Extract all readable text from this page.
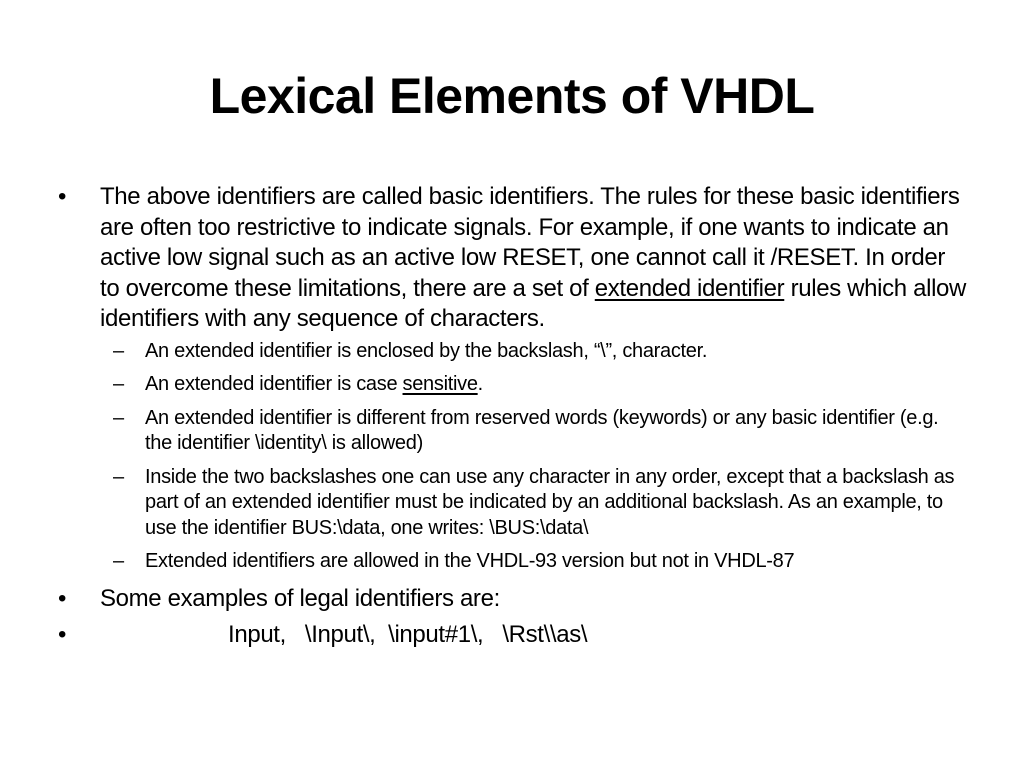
Lexical Elements of VHDL
•	The above identifiers are called basic identifiers. The rules for these basic identifiers are often too restrictive to indicate signals. For example, if one wants to indicate an active low signal such as an active low RESET, one cannot call it /RESET. In order to overcome these limitations, there are a set of extended identifier rules which allow identifiers with any sequence of characters.
– An extended identifier is enclosed by the backslash, “\”, character.
– An extended identifier is case sensitive.
– An extended identifier is different from reserved words (keywords) or any basic identifier (e.g. the identifier \identity\ is allowed)
– Inside the two backslashes one can use any character in any order, except that a backslash as part of an extended identifier must be indicated by an additional backslash. As an example, to use the identifier BUS:\data, one writes: \BUS:\data\
– Extended identifiers are allowed in the VHDL-93 version but not in VHDL-87
•	Some examples of legal identifiers are:
•	Input,   \Input\,  \input#1\,   \Rst\\as\
